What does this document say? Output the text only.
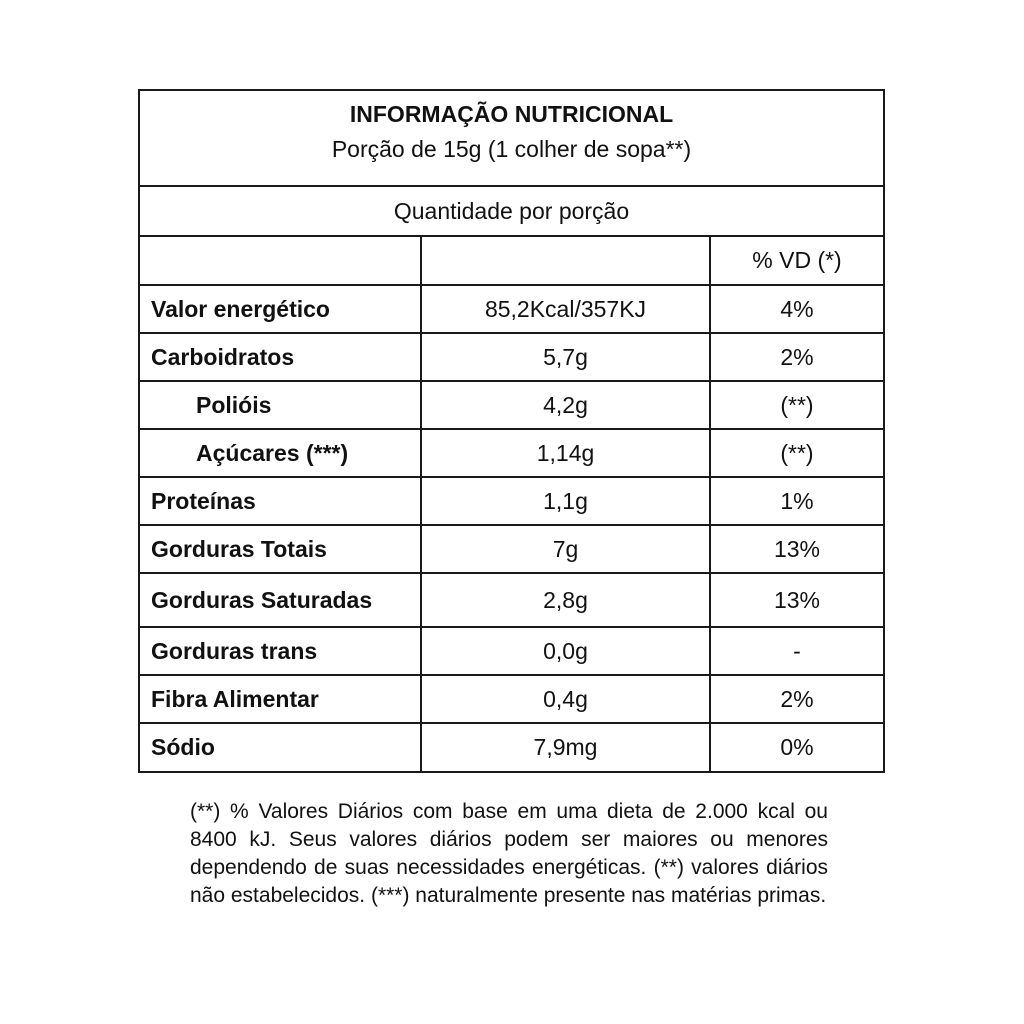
INFORMAÇÃO NUTRICIONAL
Porção de 15g (1 colher de sopa**)
Quantidade por porção
		% VD (*)
Valor energético	85,2Kcal/357KJ	4%
Carboidratos	5,7g	2%
Polióis	4,2g	(**)
Açúcares (***)	1,14g	(**)
Proteínas	1,1g	1%
Gorduras Totais	7g	13%
Gorduras Saturadas	2,8g	13%
Gorduras trans	0,0g	-
Fibra Alimentar	0,4g	2%
Sódio	7,9mg	0%
(**) % Valores Diários com base em uma dieta de 2.000 kcal ou 8400 kJ. Seus valores diários podem ser maiores ou menores dependendo de suas necessidades energéticas. (**) valores diários não estabelecidos. (***) naturalmente presente nas matérias primas.
